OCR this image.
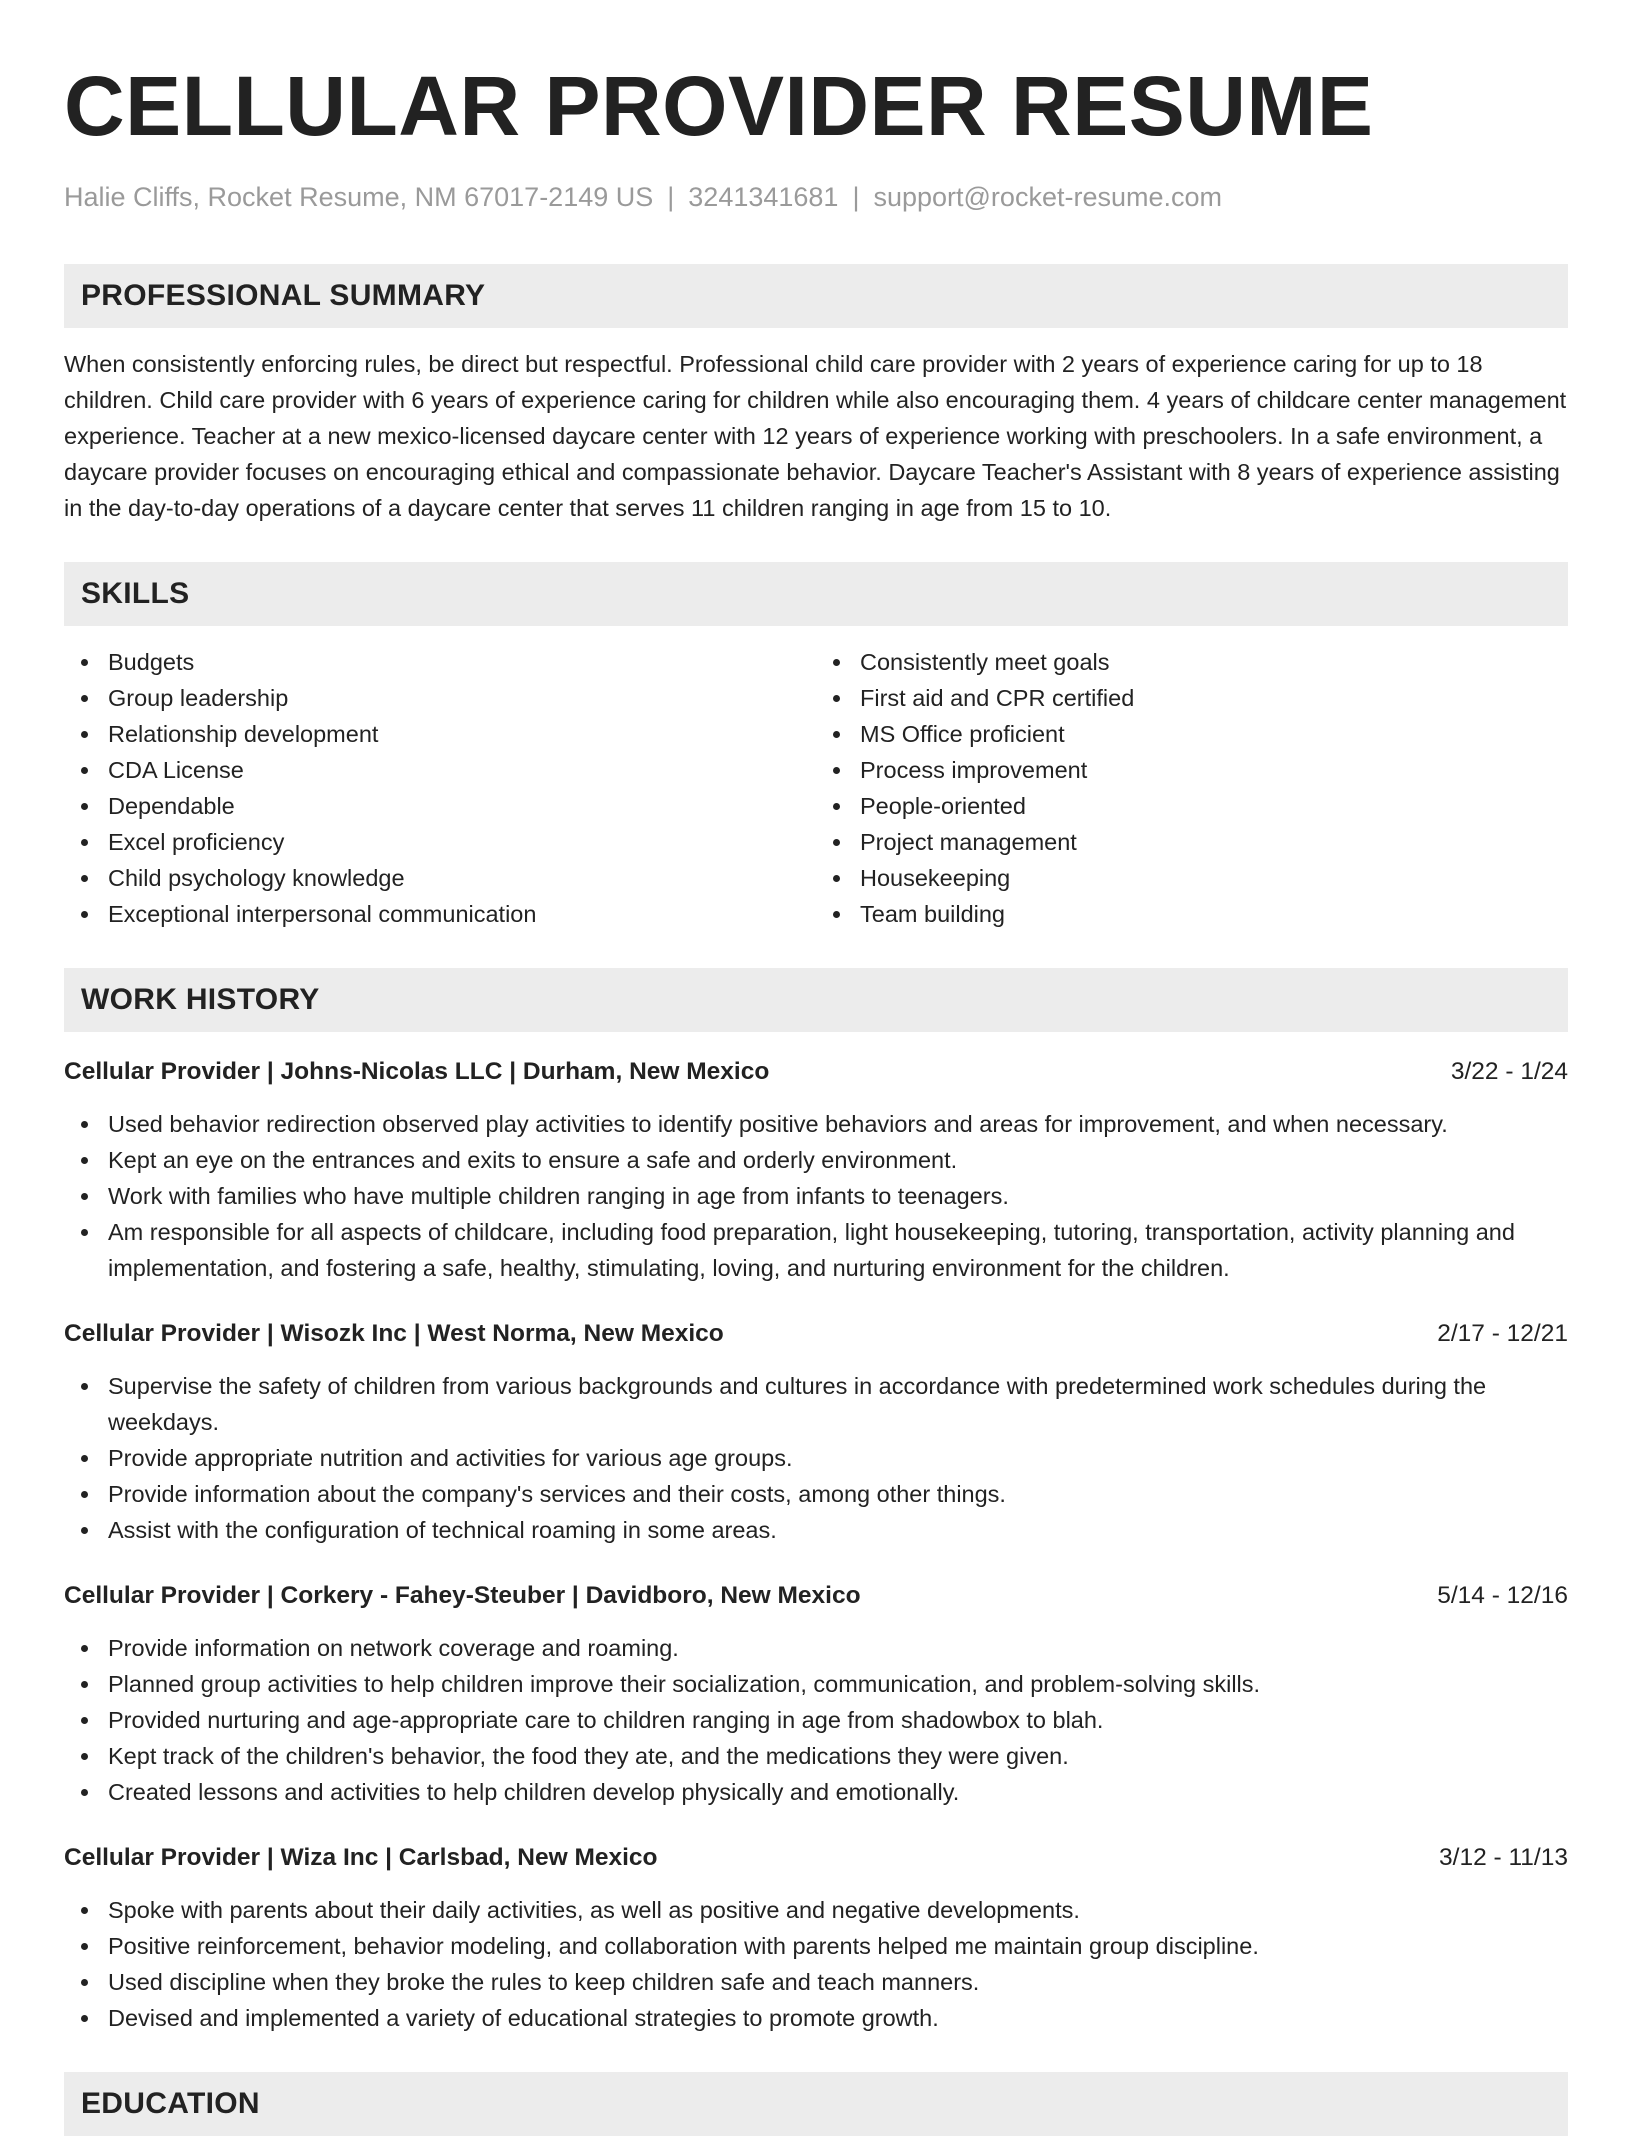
CELLULAR PROVIDER RESUME
Halie Cliffs, Rocket Resume, NM 67017-2149 US | 3241341681 | support@rocket-resume.com
PROFESSIONAL SUMMARY

When consistently enforcing rules, be direct but respectful. Professional child care provider with 2 years of experience caring for up to 18 children. Child care provider with 6 years of experience caring for children while also encouraging them. 4 years of childcare center management experience. Teacher at a new mexico-licensed daycare center with 12 years of experience working with preschoolers. In a safe environment, a daycare provider focuses on encouraging ethical and compassionate behavior. Daycare Teacher's Assistant with 8 years of experience assisting in the day-to-day operations of a daycare center that serves 11 children ranging in age from 15 to 10.

SKILLS
Budgets
Group leadership
Relationship development
CDA License
Dependable
Excel proficiency
Child psychology knowledge
Exceptional interpersonal communication
Consistently meet goals
First aid and CPR certified
MS Office proficient
Process improvement
People-oriented
Project management
Housekeeping
Team building
WORK HISTORY
Cellular Provider | Johns-Nicolas LLC | Durham, New Mexico	3/22 - 1/24
Used behavior redirection observed play activities to identify positive behaviors and areas for improvement, and when necessary.
Kept an eye on the entrances and exits to ensure a safe and orderly environment.
Work with families who have multiple children ranging in age from infants to teenagers.
Am responsible for all aspects of childcare, including food preparation, light housekeeping, tutoring, transportation, activity planning and implementation, and fostering a safe, healthy, stimulating, loving, and nurturing environment for the children.
Cellular Provider | Wisozk Inc | West Norma, New Mexico	2/17 - 12/21
Supervise the safety of children from various backgrounds and cultures in accordance with predetermined work schedules during the weekdays.
Provide appropriate nutrition and activities for various age groups.
Provide information about the company's services and their costs, among other things.
Assist with the configuration of technical roaming in some areas.
Cellular Provider | Corkery - Fahey-Steuber | Davidboro, New Mexico	5/14 - 12/16
Provide information on network coverage and roaming.
Planned group activities to help children improve their socialization, communication, and problem-solving skills.
Provided nurturing and age-appropriate care to children ranging in age from shadowbox to blah.
Kept track of the children's behavior, the food they ate, and the medications they were given.
Created lessons and activities to help children develop physically and emotionally.
Cellular Provider | Wiza Inc | Carlsbad, New Mexico	3/12 - 11/13
Spoke with parents about their daily activities, as well as positive and negative developments.
Positive reinforcement, behavior modeling, and collaboration with parents helped me maintain group discipline.
Used discipline when they broke the rules to keep children safe and teach manners.
Devised and implemented a variety of educational strategies to promote growth.
EDUCATION
